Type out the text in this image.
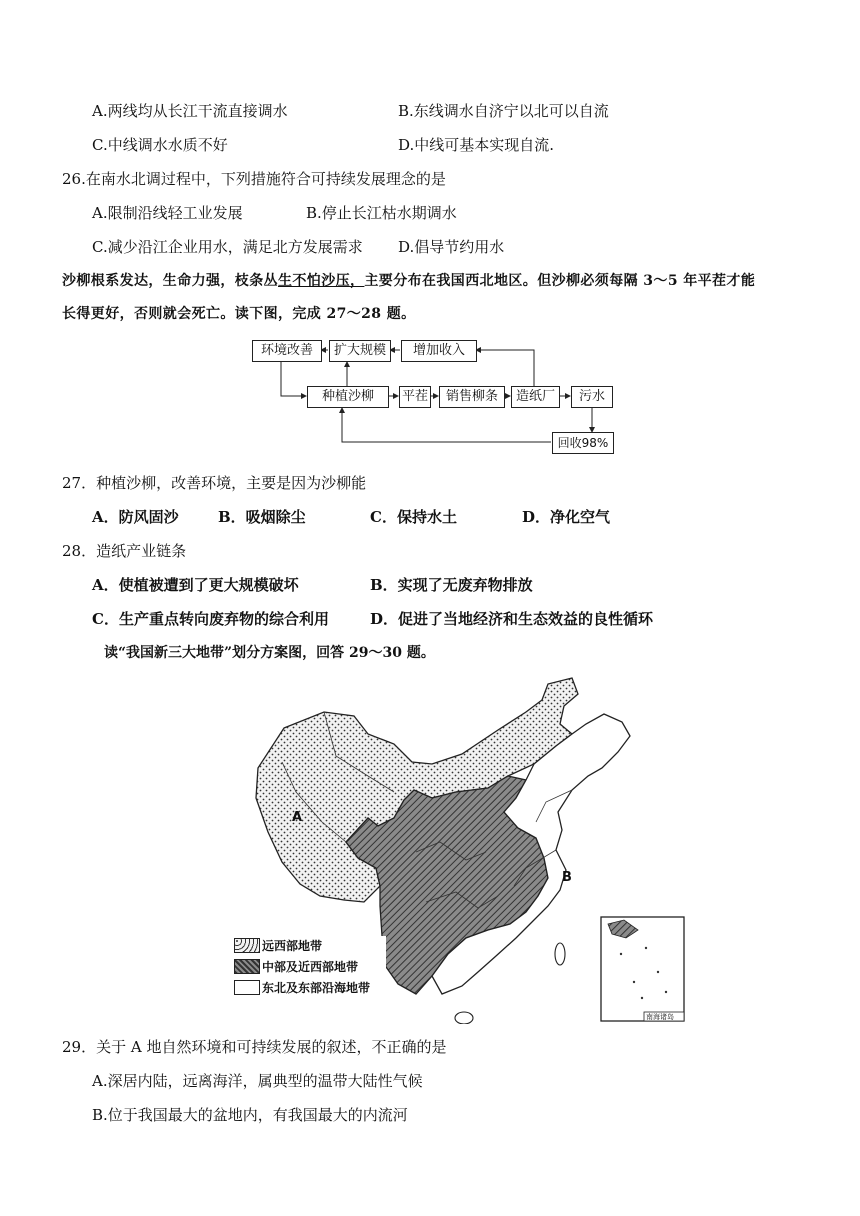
A.两线均从长江干流直接调水	B.东线调水自济宁以北可以自流
C.中线调水水质不好	D.中线可基本实现自流.
26.在南水北调过程中，下列措施符合可持续发展理念的是
A.限制沿线轻工业发展	B.停止长江枯水期调水
C.减少沿江企业用水，满足北方发展需求 D.倡导节约用水
沙柳根系发达，生命力强，枝条丛生不怕沙压，主要分布在我国西北地区。但沙柳必须每隔 3～5 年平茬才能
长得更好，否则就会死亡。读下图，完成 27～28 题。
环境改善	扩大规模	增加收入
种植沙柳	平茬	销售柳条	造纸厂	污水
回收98%
27．种植沙柳，改善环境，主要是因为沙柳能
A．防风固沙	B．吸烟除尘	C．保持水土	D．净化空气
28．造纸产业链条
A．使植被遭到了更大规模破坏	B．实现了无废弃物排放
C．生产重点转向废弃物的综合利用	D．促进了当地经济和生态效益的良性循环
读“我国新三大地带”划分方案图，回答 29～30 题。
A
B
远西部地带
中部及近西部地带
东北及东部沿海地带
南海诸岛
29．关于 A 地自然环境和可持续发展的叙述，不正确的是
A.深居内陆，远离海洋，属典型的温带大陆性气候
B.位于我国最大的盆地内，有我国最大的内流河
